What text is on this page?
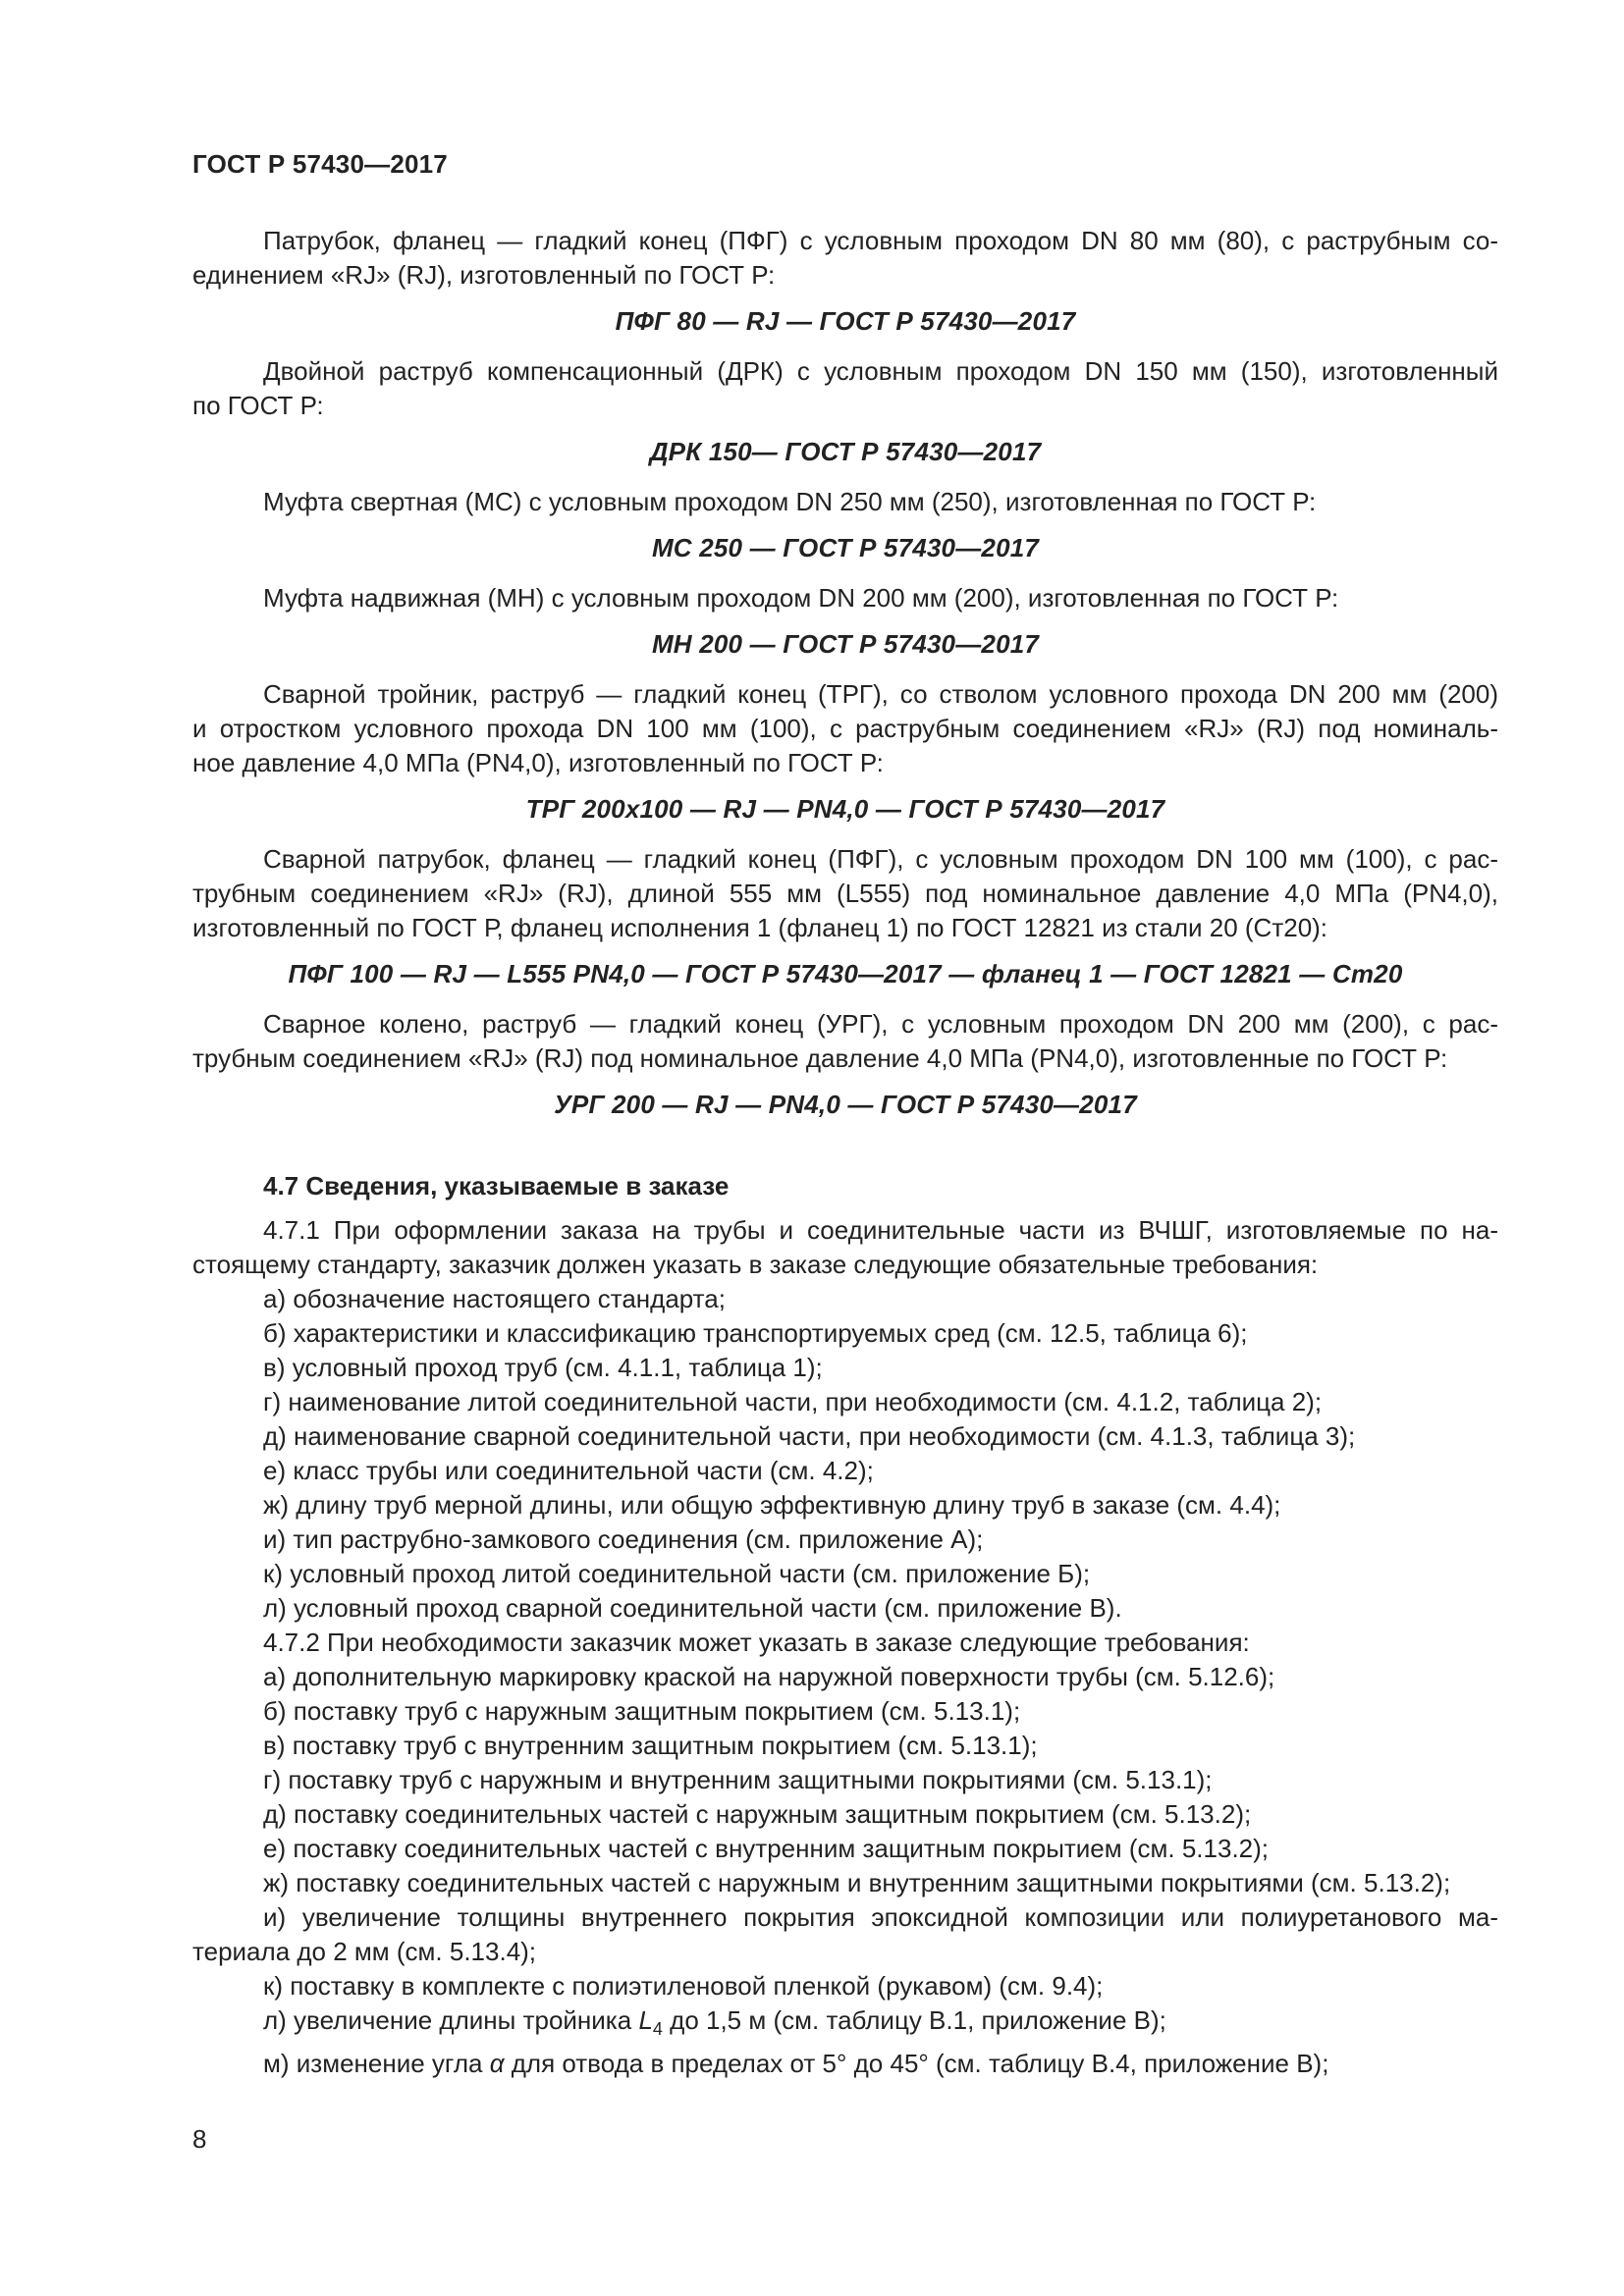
ГОСТ Р 57430—2017
Патрубок, фланец — гладкий конец (ПФГ) с условным проходом DN 80 мм (80), с раструбным со-
единением «RJ» (RJ), изготовленный по ГОСТ Р:
ПФГ 80 — RJ — ГОСТ Р 57430—2017
Двойной раструб компенсационный (ДРК) с условным проходом DN 150 мм (150), изготовленный
по ГОСТ Р:
ДРК 150— ГОСТ Р 57430—2017
Муфта свертная (МС) с условным проходом DN 250 мм (250), изготовленная по ГОСТ Р:
МС 250 — ГОСТ Р 57430—2017
Муфта надвижная (МН) с условным проходом DN 200 мм (200), изготовленная по ГОСТ Р:
МН 200 — ГОСТ Р 57430—2017
Сварной тройник, раструб — гладкий конец (ТРГ), со стволом условного прохода DN 200 мм (200)
и отростком условного прохода DN 100 мм (100), с раструбным соединением «RJ» (RJ) под номиналь-
ное давление 4,0 МПа (PN4,0), изготовленный по ГОСТ Р:
ТРГ 200х100 — RJ — PN4,0 — ГОСТ Р 57430—2017
Сварной патрубок, фланец — гладкий конец (ПФГ), с условным проходом DN 100 мм (100), с рас-
трубным соединением «RJ» (RJ), длиной 555 мм (L555) под номинальное давление 4,0 МПа (PN4,0),
изготовленный по ГОСТ Р, фланец исполнения 1 (фланец 1) по ГОСТ 12821 из стали 20 (Ст20):
ПФГ 100 — RJ — L555 PN4,0 — ГОСТ Р 57430—2017 — фланец 1 — ГОСТ 12821 — Ст20
Сварное колено, раструб — гладкий конец (УРГ), с условным проходом DN 200 мм (200), с рас-
трубным соединением «RJ» (RJ) под номинальное давление 4,0 МПа (PN4,0), изготовленные по ГОСТ Р:
УРГ 200 — RJ — PN4,0 — ГОСТ Р 57430—2017
4.7 Сведения, указываемые в заказе
4.7.1 При оформлении заказа на трубы и соединительные части из ВЧШГ, изготовляемые по на-
стоящему стандарту, заказчик должен указать в заказе следующие обязательные требования:
а) обозначение настоящего стандарта;
б) характеристики и классификацию транспортируемых сред (см. 12.5, таблица 6);
в) условный проход труб (см. 4.1.1, таблица 1);
г) наименование литой соединительной части, при необходимости (см. 4.1.2, таблица 2);
д) наименование сварной соединительной части, при необходимости (см. 4.1.3, таблица 3);
е) класс трубы или соединительной части (см. 4.2);
ж) длину труб мерной длины, или общую эффективную длину труб в заказе (см. 4.4);
и) тип раструбно-замкового соединения (см. приложение А);
к) условный проход литой соединительной части (см. приложение Б);
л) условный проход сварной соединительной части (см. приложение В).
4.7.2 При необходимости заказчик может указать в заказе следующие требования:
а) дополнительную маркировку краской на наружной поверхности трубы (см. 5.12.6);
б) поставку труб с наружным защитным покрытием (см. 5.13.1);
в) поставку труб с внутренним защитным покрытием (см. 5.13.1);
г) поставку труб с наружным и внутренним защитными покрытиями (см. 5.13.1);
д) поставку соединительных частей с наружным защитным покрытием (см. 5.13.2);
е) поставку соединительных частей с внутренним защитным покрытием (см. 5.13.2);
ж) поставку соединительных частей с наружным и внутренним защитными покрытиями (см. 5.13.2);
и) увеличение толщины внутреннего покрытия эпоксидной композиции или полиуретанового ма-
териала до 2 мм (см. 5.13.4);
к) поставку в комплекте с полиэтиленовой пленкой (рукавом) (см. 9.4);
л) увеличение длины тройника $L_4$ до 1,5 м (см. таблицу В.1, приложение В);
м) изменение угла α для отвода в пределах от 5° до 45° (см. таблицу В.4, приложение В);
8
